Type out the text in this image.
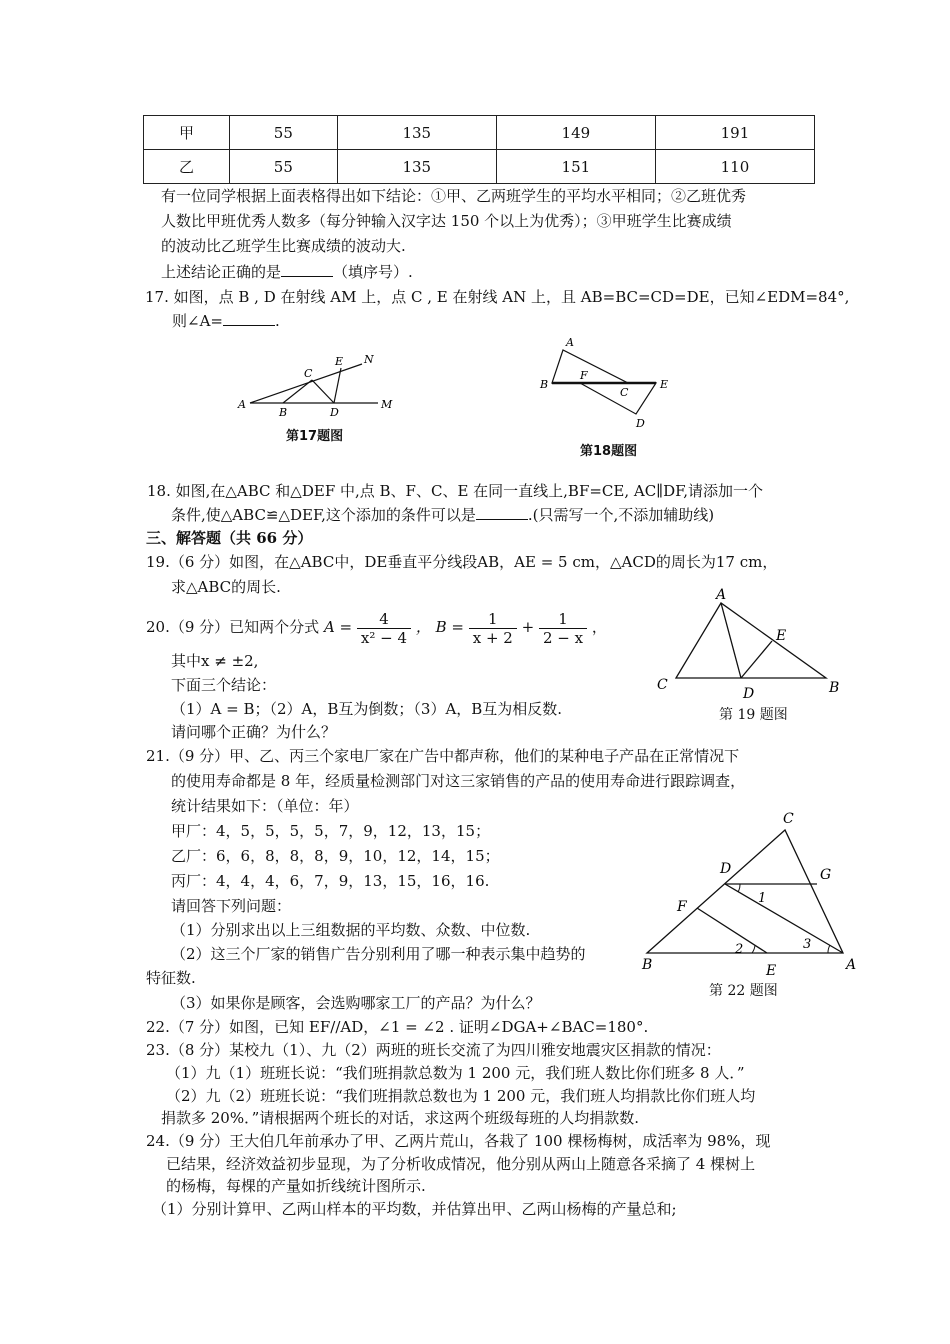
甲	55	135	149	191
乙	55	135	151	110
有一位同学根据上面表格得出如下结论：①甲、乙两班学生的平均水平相同；②乙班优秀
人数比甲班优秀人数多（每分钟输入汉字达 150 个以上为优秀）；③甲班学生比赛成绩
的波动比乙班学生比赛成绩的波动大.
上述结论正确的是	（填序号）.
17. 如图，点 B , D 在射线 AM 上，点 C , E 在射线 AN 上，且 AB=BC=CD=DE，已知∠EDM=84°,
则∠A=	.
A
B
C
D
E N
M
第17题图
A
B
F
C
E
D
第18题图
18. 如图,在△ABC 和△DEF 中,点 B、F、C、E 在同一直线上,BF=CE, AC∥DF,请添加一个
条件,使△ABC≌△DEF,这个添加的条件可以是	.(只需写一个,不添加辅助线)
三、解答题（共 66 分）
19.（6 分）如图，在△ABC中，DE垂直平分线段AB，AE = 5 cm，△ACD的周长为17 cm，
求△ABC的周长.	A
E
C
D	B
第 19 题图
20.（9 分）已知两个分式 $A = \frac{4}{\text{x² − 4}}$ ， $B = \frac{1}{x + 2} + \frac{1}{2 - x}$ ，
其中x ≠ ±2,
下面三个结论：
（1）A = B；（2）A，B互为倒数；（3）A，B互为相反数.
请问哪个正确？为什么？
21.（9 分）甲、乙、丙三个家电厂家在广告中都声称，他们的某种电子产品在正常情况下
的使用寿命都是 8 年，经质量检测部门对这三家销售的产品的使用寿命进行跟踪调查，
统计结果如下：（单位：年）
甲厂：4，5，5，5，5，7，9，12，13，15；
乙厂：6，6，8，8，8，9，10，12，14，15；
丙厂：4，4，4，6，7，9，13，15，16，16.
请回答下列问题：
（1）分别求出以上三组数据的平均数、众数、中位数.
（2）这三个厂家的销售广告分别利用了哪一种表示集中趋势的
特征数.
（3）如果你是顾客，会选购哪家工厂的产品？为什么？
C
D	G
F
1
2	3
B	E	A
第 22 题图
22.（7 分）如图，已知 EF//AD，∠1 = ∠2 . 证明∠DGA+∠BAC=180°.
23.（8 分）某校九（1）、九（2）两班的班长交流了为四川雅安地震灾区捐款的情况：
（1）九（1）班班长说：“我们班捐款总数为 1 200 元，我们班人数比你们班多 8 人．”
（2）九（2）班班长说：“我们班捐款总数也为 1 200 元，我们班人均捐款比你们班人均
捐款多 20%．”请根据两个班长的对话，求这两个班级每班的人均捐款数.
24.（9 分）王大伯几年前承办了甲、乙两片荒山，各栽了 100 棵杨梅树，成活率为 98%，现
已结果，经济效益初步显现，为了分析收成情况，他分别从两山上随意各采摘了 4 棵树上
的杨梅，每棵的产量如折线统计图所示.
（1）分别计算甲、乙两山样本的平均数，并估算出甲、乙两山杨梅的产量总和;
